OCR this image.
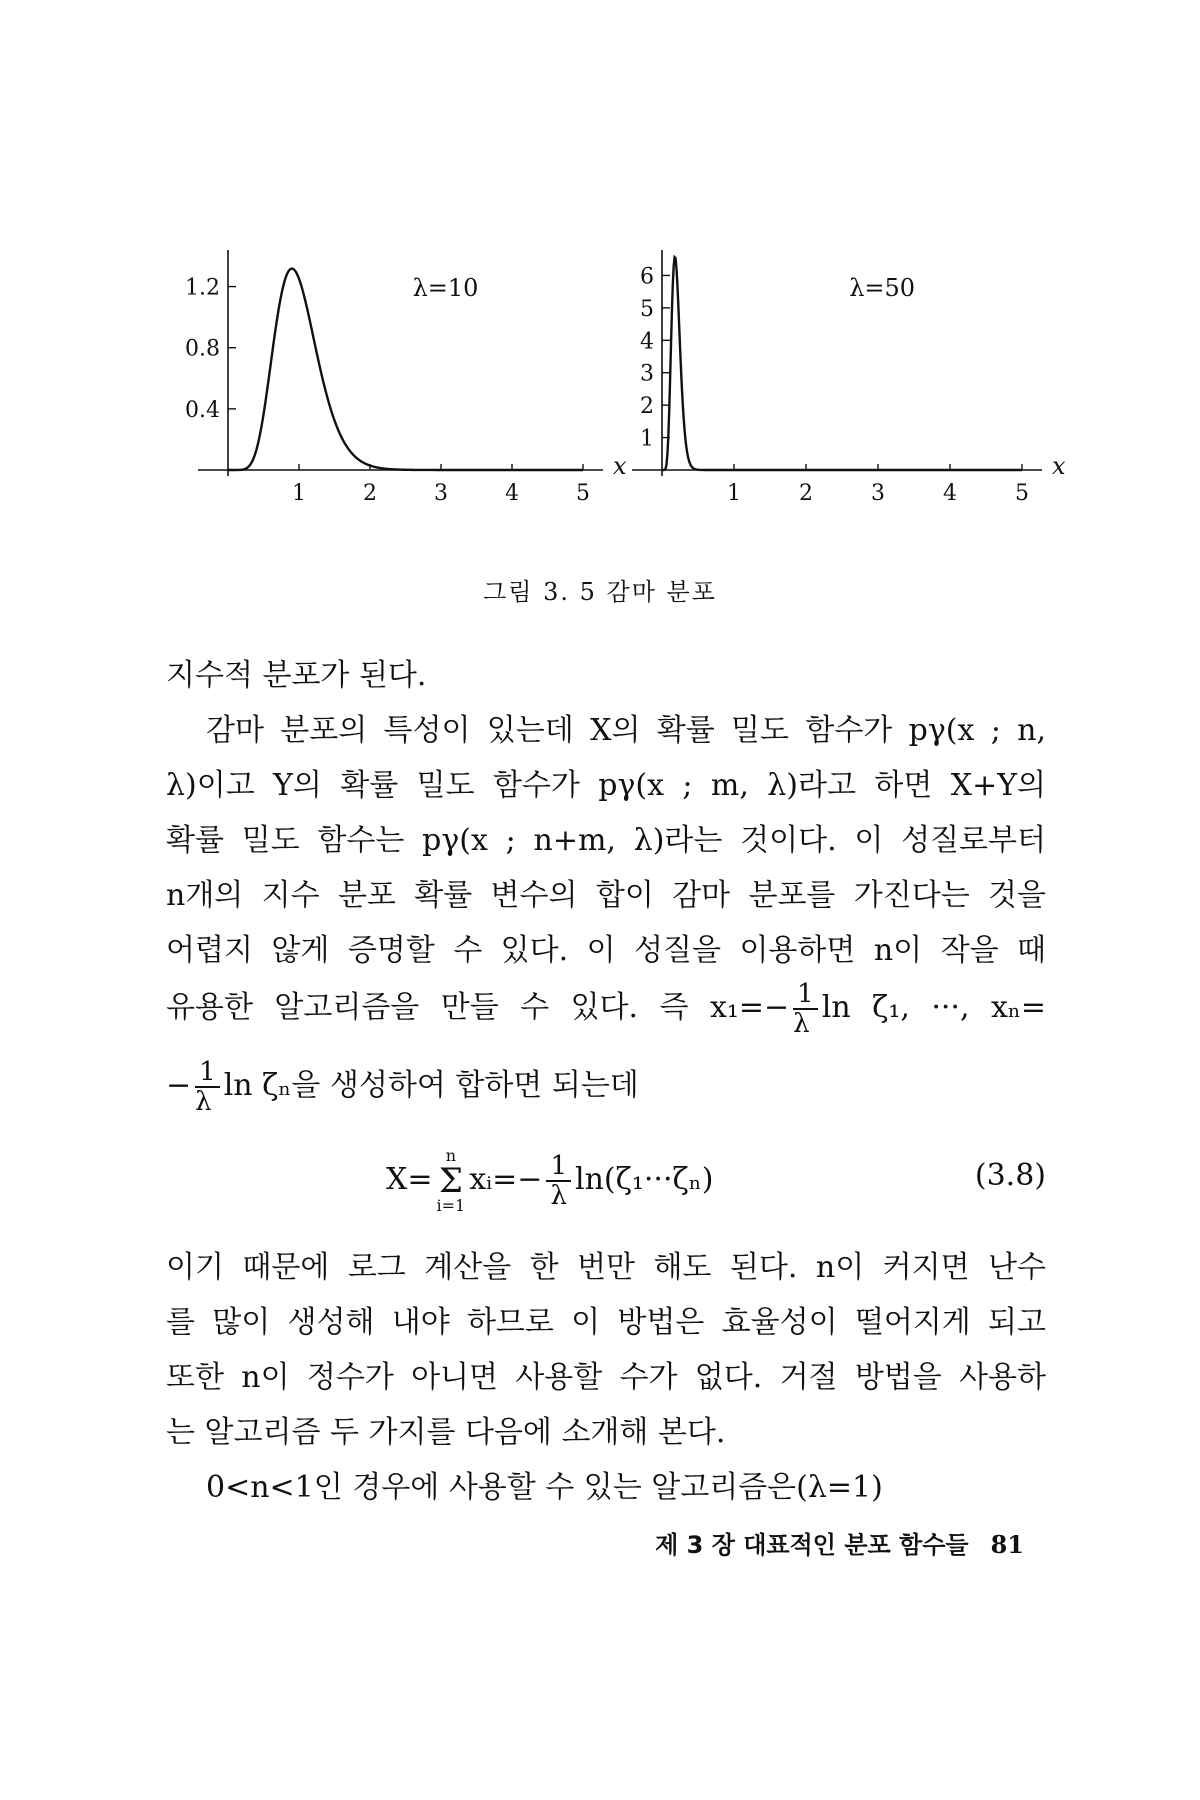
1	2	3	4	5
x
0.4
0.8
1.2	λ=10
1	2	3	4	5
x
1
2
3
4
5
6	λ=50
그림 3. 5 감마 분포

지수적 분포가 된다.

감마 분포의 특성이 있는데 X의 확률 밀도 함수가 pγ(x ; n,

λ)이고 Y의 확률 밀도 함수가 pγ(x ; m, λ)라고 하면 X+Y의

확률 밀도 함수는 pγ(x ; n+m, λ)라는 것이다. 이 성질로부터

n개의 지수 분포 확률 변수의 합이 감마 분포를 가진다는 것을

어렵지 않게 증명할 수 있다. 이 성질을 이용하면 n이 작을 때

유용한 알고리즘을 만들 수 있다. 즉 $x_1=- \frac{1}{\lambda}$ ln ζ₁, ···, xₙ=

− $\frac{1}{\lambda}$ ln ζₙ을 생성하여 합하면 되는데

X=n
Σ
i=1xᵢ=− $\frac{1}{\lambda} \ln(\zeta_1\cdot\cdot\cdot\zeta_n)$	(3.8)

이기 때문에 로그 계산을 한 번만 해도 된다. n이 커지면 난수

를 많이 생성해 내야 하므로 이 방법은 효율성이 떨어지게 되고

또한 n이 정수가 아니면 사용할 수가 없다. 거절 방법을 사용하

는 알고리즘 두 가지를 다음에 소개해 본다.

0<n<1인 경우에 사용할 수 있는 알고리즘은(λ=1)

제 3 장 대표적인 분포 함수들 81
